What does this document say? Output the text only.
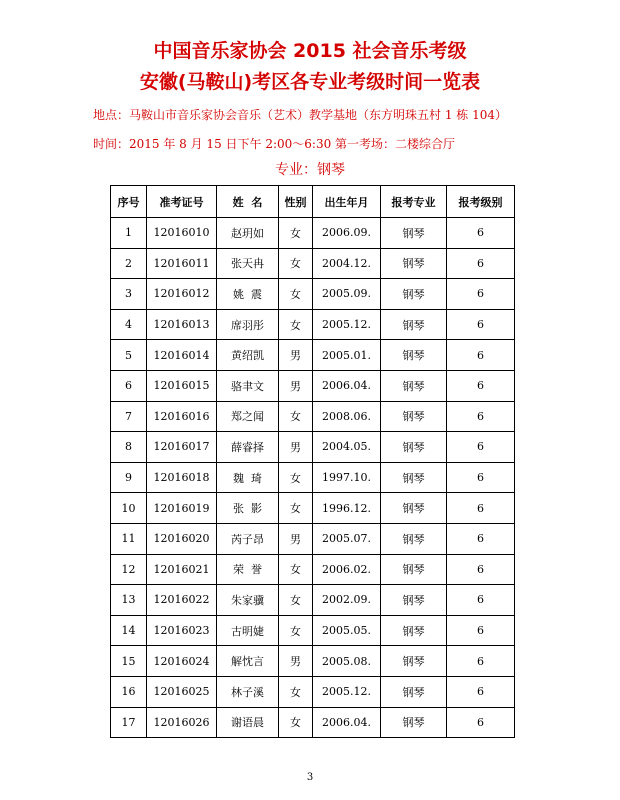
中国音乐家协会 2015 社会音乐考级
安徽(马鞍山)考区各专业考级时间一览表
地点：马鞍山市音乐家协会音乐（艺术）教学基地（东方明珠五村 1 栋 104）
时间：2015 年 8 月 15 日下午 2:00～6:30 第一考场：二楼综合厅
专业：钢琴
序号	准考证号	姓  名	性别	出生年月	报考专业	报考级别
1	12016010	赵玥如	女	2006.09.	钢琴	6
2	12016011	张天冉	女	2004.12.	钢琴	6
3	12016012	姚  震	女	2005.09.	钢琴	6
4	12016013	席羽彤	女	2005.12.	钢琴	6
5	12016014	黄绍凯	男	2005.01.	钢琴	6
6	12016015	骆聿文	男	2006.04.	钢琴	6
7	12016016	郑之闻	女	2008.06.	钢琴	6
8	12016017	薛睿择	男	2004.05.	钢琴	6
9	12016018	魏  琦	女	1997.10.	钢琴	6
10	12016019	张  影	女	1996.12.	钢琴	6
11	12016020	芮子昂	男	2005.07.	钢琴	6
12	12016021	荣  誉	女	2006.02.	钢琴	6
13	12016022	朱家骥	女	2002.09.	钢琴	6
14	12016023	古明婕	女	2005.05.	钢琴	6
15	12016024	解忱言	男	2005.08.	钢琴	6
16	12016025	林子溪	女	2005.12.	钢琴	6
17	12016026	谢语晨	女	2006.04.	钢琴	6
3
